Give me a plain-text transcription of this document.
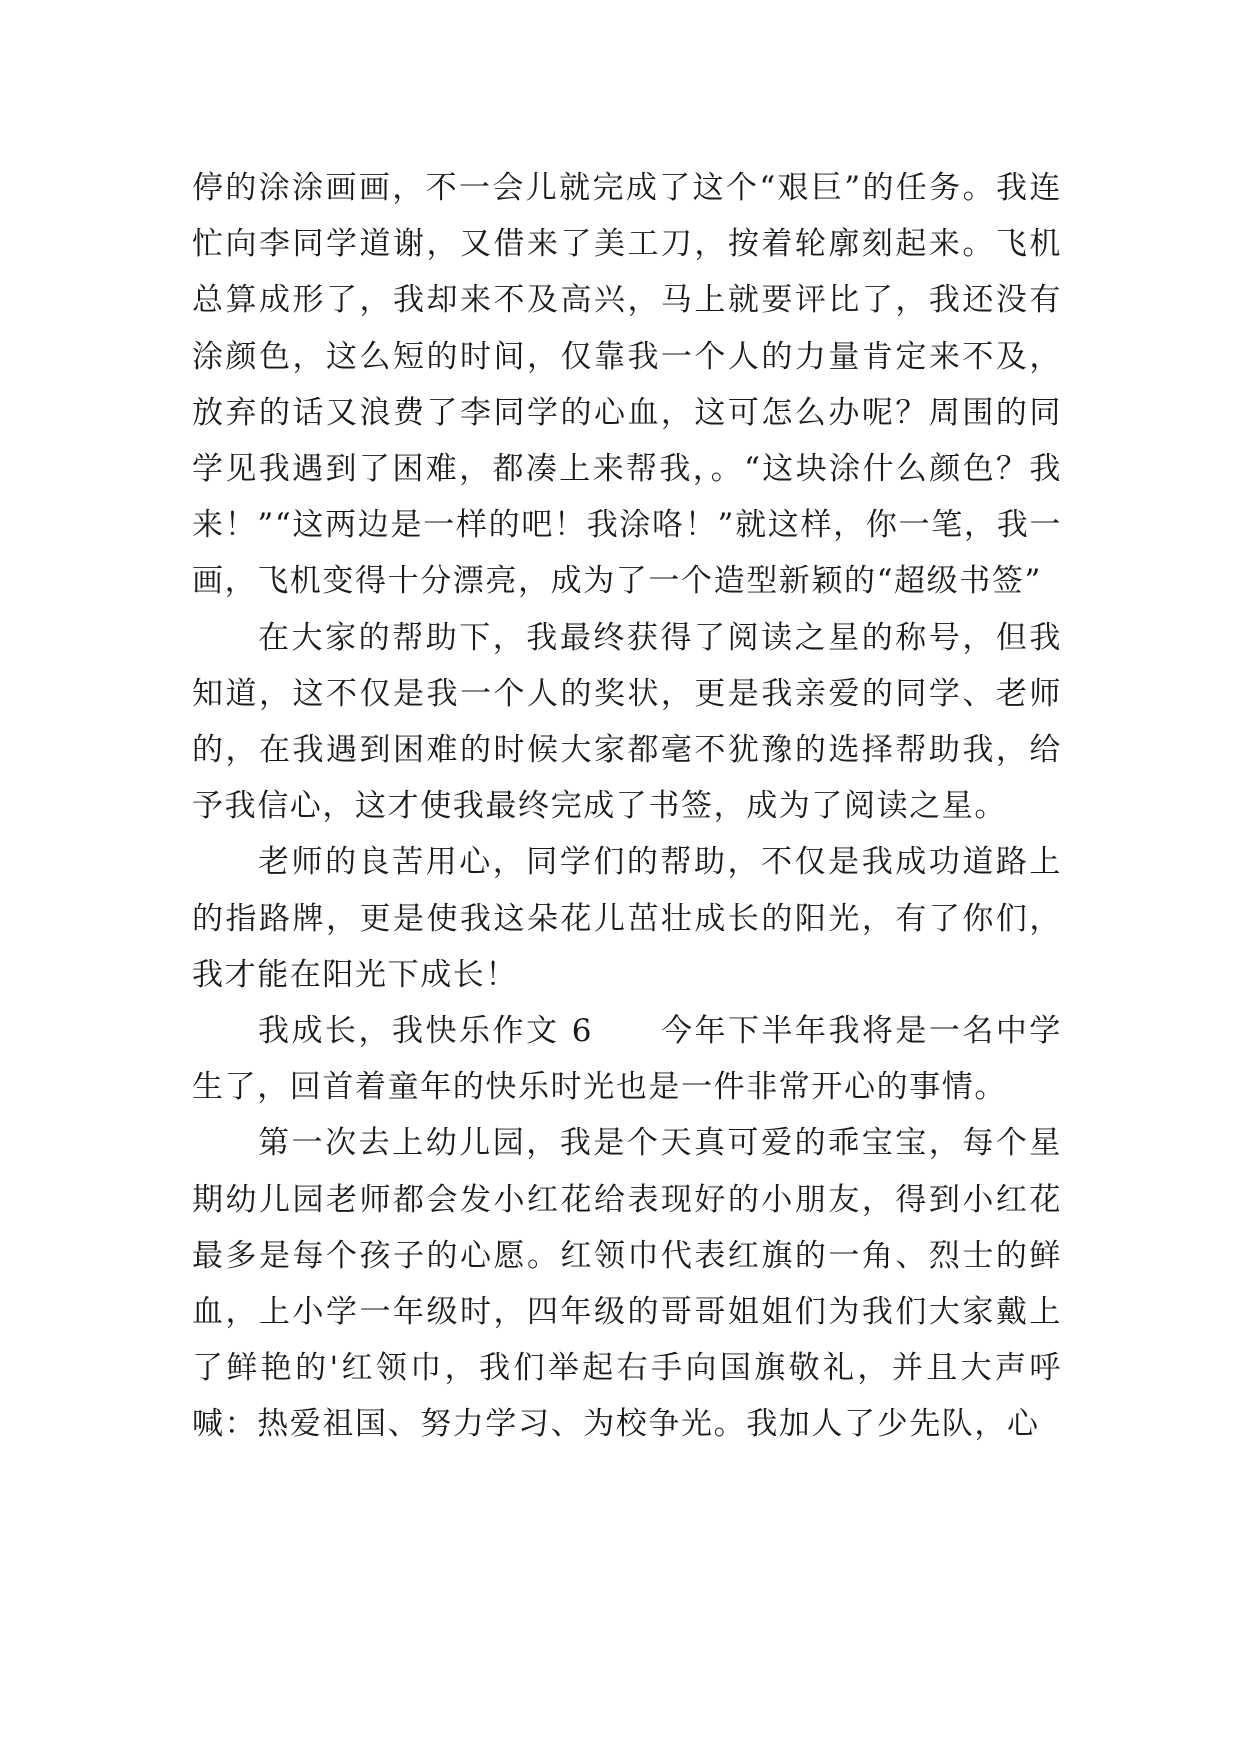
停的涂涂画画，不一会儿就完成了这个“艰巨”的任务。我连忙向李同学道谢，又借来了美工刀，按着轮廓刻起来。飞机总算成形了，我却来不及高兴，马上就要评比了，我还没有涂颜色，这么短的时间，仅靠我一个人的力量肯定来不及，放弃的话又浪费了李同学的心血，这可怎么办呢？周围的同学见我遇到了困难，都凑上来帮我，。“这块涂什么颜色？我来！”“这两边是一样的吧！我涂咯！”就这样，你一笔，我一画，飞机变得十分漂亮，成为了一个造型新颖的“超级书签”

在大家的帮助下，我最终获得了阅读之星的称号，但我知道，这不仅是我一个人的奖状，更是我亲爱的同学、老师的，在我遇到困难的时候大家都毫不犹豫的选择帮助我，给予我信心，这才使我最终完成了书签，成为了阅读之星。

老师的良苦用心，同学们的帮助，不仅是我成功道路上的指路牌，更是使我这朵花儿茁壮成长的阳光，有了你们，我才能在阳光下成长！

我成长，我快乐作文 6　　今年下半年我将是一名中学生了，回首着童年的快乐时光也是一件非常开心的事情。

第一次去上幼儿园，我是个天真可爱的乖宝宝，每个星期幼儿园老师都会发小红花给表现好的小朋友，得到小红花最多是每个孩子的心愿。红领巾代表红旗的一角、烈士的鲜血，上小学一年级时，四年级的哥哥姐姐们为我们大家戴上了鲜艳的'红领巾，我们举起右手向国旗敬礼，并且大声呼喊：热爱祖国、努力学习、为校争光。我加人了少先队，心
